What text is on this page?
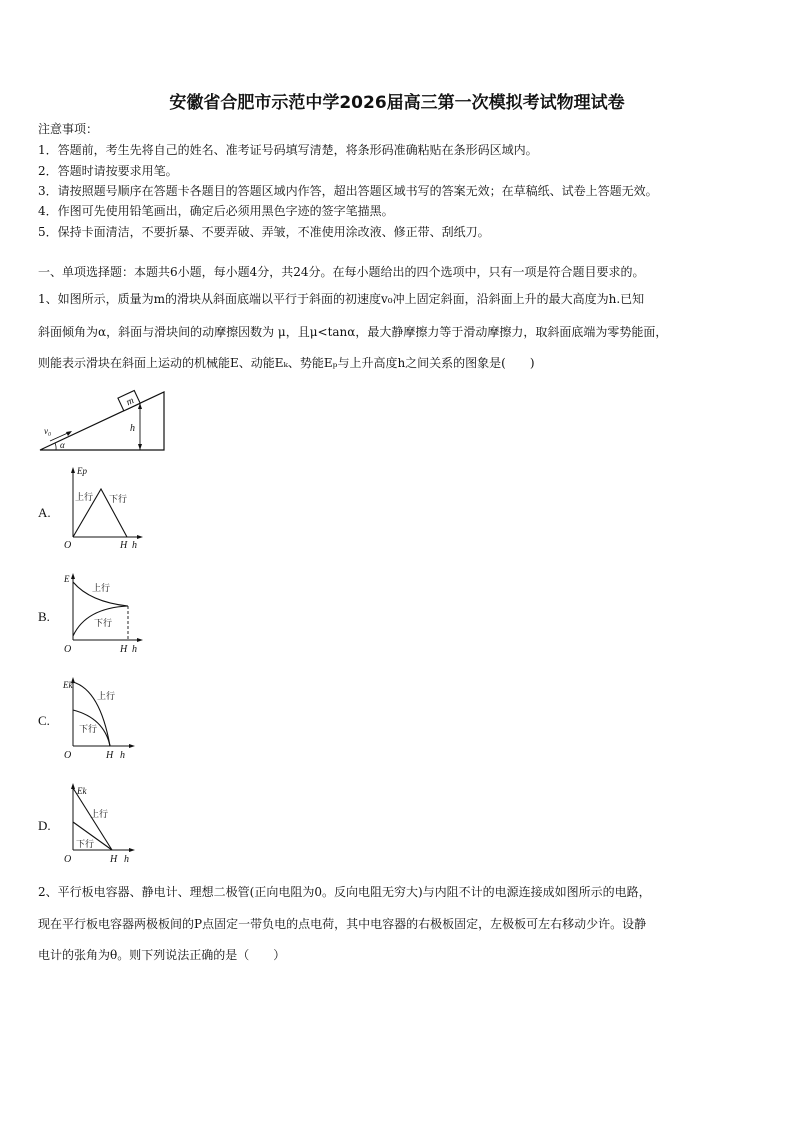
安徽省合肥市示范中学2026届高三第一次模拟考试物理试卷
注意事项：
1．答题前，考生先将自己的姓名、准考证号码填写清楚，将条形码准确粘贴在条形码区域内。
2．答题时请按要求用笔。
3．请按照题号顺序在答题卡各题目的答题区域内作答，超出答题区域书写的答案无效；在草稿纸、试卷上答题无效。
4．作图可先使用铅笔画出，确定后必须用黑色字迹的签字笔描黑。
5．保持卡面清洁，不要折暴、不要弄破、弄皱，不准使用涂改液、修正带、刮纸刀。
一、单项选择题：本题共6小题，每小题4分，共24分。在每小题给出的四个选项中，只有一项是符合题目要求的。
1、如图所示，质量为m的滑块从斜面底端以平行于斜面的初速度v₀冲上固定斜面，沿斜面上升的最大高度为h.已知
斜面倾角为α，斜面与滑块间的动摩擦因数为 μ，且μ<tanα，最大静摩擦力等于滑动摩擦力，取斜面底端为零势能面，
则能表示滑块在斜面上运动的机械能E、动能Eₖ、势能Eₚ与上升高度h之间关系的图象是(　　)
m
h
v₀
α
A.
Ep
上行 下行
O	H h
B.
E
上行
下行
O	H h
C.
Ek
上行
下行
O	H h
D.
Ek
上行
下行
O	H h
2、平行板电容器、静电计、理想二极管(正向电阻为0。反向电阻无穷大)与内阻不计的电源连接成如图所示的电路，
现在平行板电容器两极板间的P点固定一带负电的点电荷，其中电容器的右极板固定，左极板可左右移动少许。设静
电计的张角为θ。则下列说法正确的是（　　）
